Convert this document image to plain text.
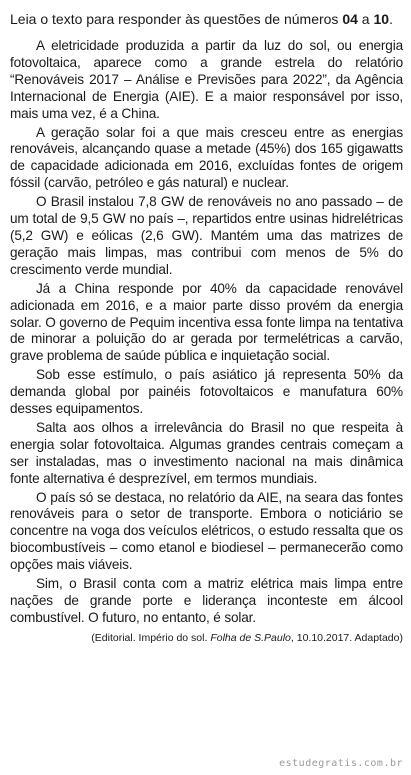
Leia o texto para responder às questões de números 04 a 10.

A eletricidade produzida a partir da luz do sol, ou energia fotovoltaica, aparece como a grande estrela do relatório “Renováveis 2017 – Análise e Previsões para 2022”, da Agência Internacional de Energia (AIE). E a maior responsável por isso, mais uma vez, é a China.

A geração solar foi a que mais cresceu entre as energias renováveis, alcançando quase a metade (45%) dos 165 gigawatts de capacidade adicionada em 2016, excluídas fontes de origem fóssil (carvão, petróleo e gás natural) e nuclear.

O Brasil instalou 7,8 GW de renováveis no ano passado – de um total de 9,5 GW no país –, repartidos entre usinas hidrelétricas (5,2 GW) e eólicas (2,6 GW). Mantém uma das matrizes de geração mais limpas, mas contribui com menos de 5% do crescimento verde mundial.

Já a China responde por 40% da capacidade renovável adicionada em 2016, e a maior parte disso provém da energia solar. O governo de Pequim incentiva essa fonte limpa na tentativa de minorar a poluição do ar gerada por termelétricas a carvão, grave problema de saúde pública e inquietação social.

Sob esse estímulo, o país asiático já representa 50% da demanda global por painéis fotovoltaicos e manufatura 60% desses equipamentos.

Salta aos olhos a irrelevância do Brasil no que respeita à energia solar fotovoltaica. Algumas grandes centrais começam a ser instaladas, mas o investimento nacional na mais dinâmica fonte alternativa é desprezível, em termos mundiais.

O país só se destaca, no relatório da AIE, na seara das fontes renováveis para o setor de transporte. Embora o noticiário se concentre na voga dos veículos elétricos, o estudo ressalta que os biocombustíveis – como etanol e biodiesel – permanecerão como opções mais viáveis.

Sim, o Brasil conta com a matriz elétrica mais limpa entre nações de grande porte e liderança inconteste em álcool combustível. O futuro, no entanto, é solar.

(Editorial. Império do sol. Folha de S.Paulo, 10.10.2017. Adaptado)
estudegratis.com.br
